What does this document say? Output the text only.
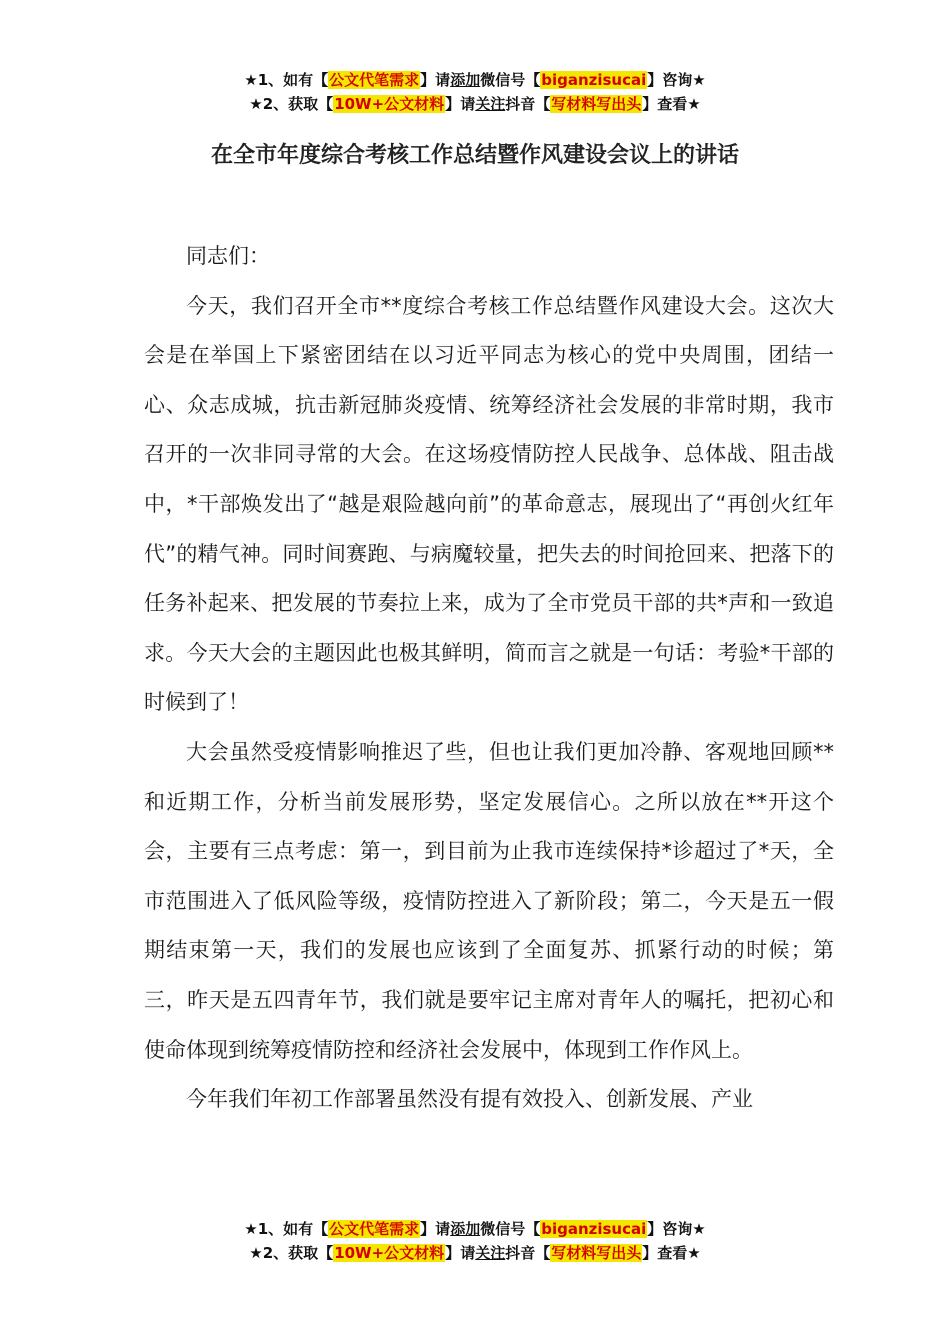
★1、如有【公文代笔需求】请添加微信号【biganzisucai】咨询★
★2、获取【10W+公文材料】请关注抖音【写材料写出头】查看★
在全市年度综合考核工作总结暨作风建设会议上的讲话

同志们：

今天，我们召开全市**度综合考核工作总结暨作风建设大会。这次大会是在举国上下紧密团结在以习近平同志为核心的党中央周围，团结一心、众志成城，抗击新冠肺炎疫情、统筹经济社会发展的非常时期，我市召开的一次非同寻常的大会。在这场疫情防控人民战争、总体战、阻击战中，*干部焕发出了“越是艰险越向前”的革命意志，展现出了“再创火红年代”的精气神。同时间赛跑、与病魔较量，把失去的时间抢回来、把落下的任务补起来、把发展的节奏拉上来，成为了全市党员干部的共*声和一致追求。今天大会的主题因此也极其鲜明，简而言之就是一句话：考验*干部的时候到了！

大会虽然受疫情影响推迟了些，但也让我们更加冷静、客观地回顾**和近期工作，分析当前发展形势，坚定发展信心。之所以放在**开这个会，主要有三点考虑：第一，到目前为止我市连续保持*诊超过了*天，全市范围进入了低风险等级，疫情防控进入了新阶段；第二，今天是五一假期结束第一天，我们的发展也应该到了全面复苏、抓紧行动的时候；第三，昨天是五四青年节，我们就是要牢记主席对青年人的嘱托，把初心和使命体现到统筹疫情防控和经济社会发展中，体现到工作作风上。

今年我们年初工作部署虽然没有提有效投入、创新发展、产业

★1、如有【公文代笔需求】请添加微信号【biganzisucai】咨询★
★2、获取【10W+公文材料】请关注抖音【写材料写出头】查看★
